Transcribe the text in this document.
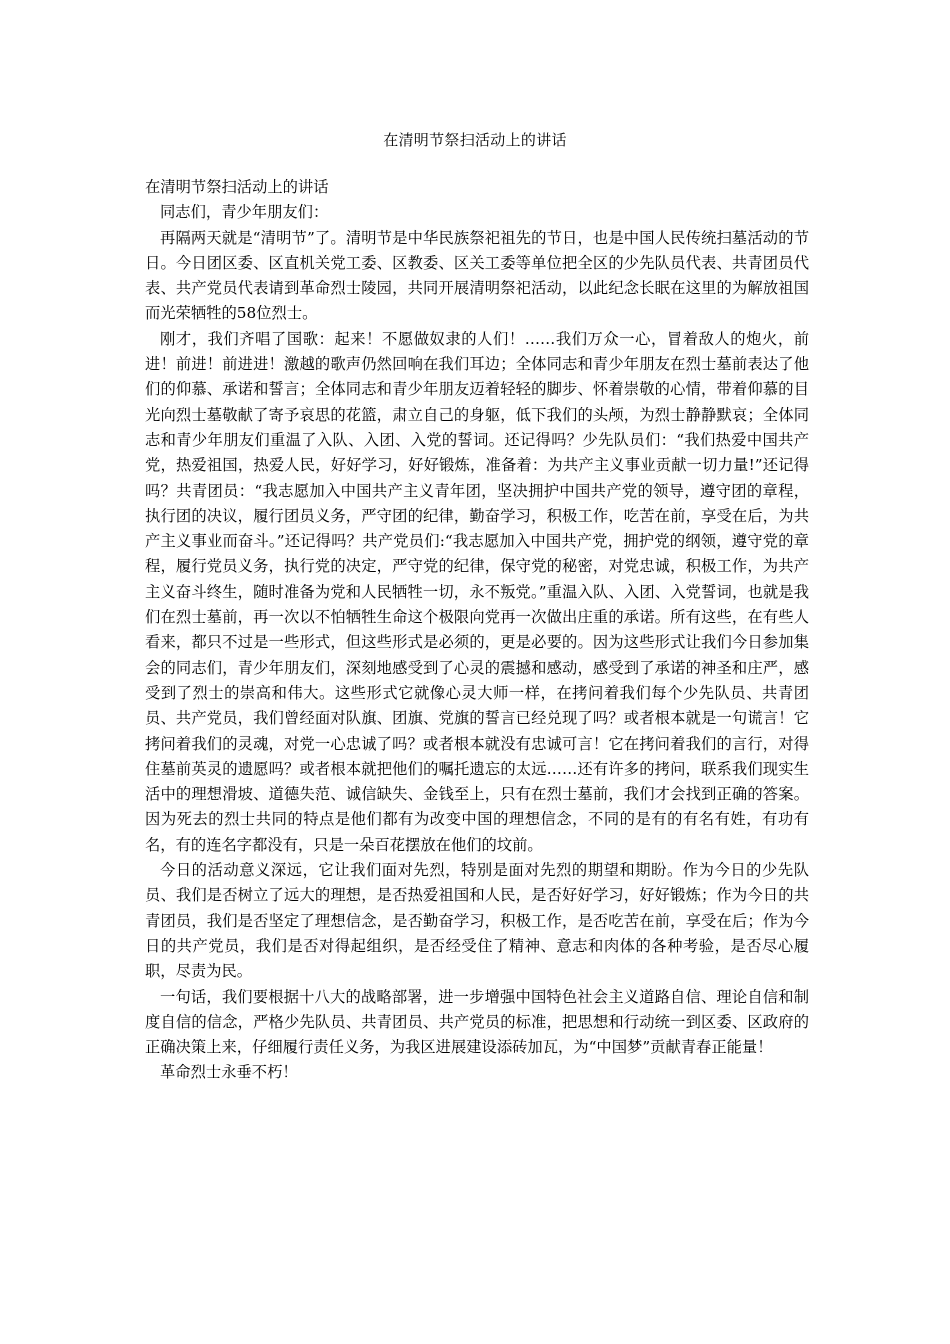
在清明节祭扫活动上的讲话

在清明节祭扫活动上的讲话

同志们，青少年朋友们：

再隔两天就是“清明节”了。清明节是中华民族祭祀祖先的节日，也是中国人民传统扫墓活动的节日。今日团区委、区直机关党工委、区教委、区关工委等单位把全区的少先队员代表、共青团员代表、共产党员代表请到革命烈士陵园，共同开展清明祭祀活动，以此纪念长眠在这里的为解放祖国而光荣牺牲的58位烈士。

刚才，我们齐唱了国歌：起来！不愿做奴隶的人们！……我们万众一心，冒着敌人的炮火，前进！前进！前进进！激越的歌声仍然回响在我们耳边；全体同志和青少年朋友在烈士墓前表达了他们的仰慕、承诺和誓言；全体同志和青少年朋友迈着轻轻的脚步、怀着崇敬的心情，带着仰慕的目光向烈士墓敬献了寄予哀思的花篮，肃立自己的身躯，低下我们的头颅，为烈士静静默哀；全体同志和青少年朋友们重温了入队、入团、入党的誓词。还记得吗？少先队员们：“我们热爱中国共产党，热爱祖国，热爱人民，好好学习，好好锻炼，准备着：为共产主义事业贡献一切力量!”还记得吗？共青团员：“我志愿加入中国共产主义青年团，坚决拥护中国共产党的领导，遵守团的章程，执行团的决议，履行团员义务，严守团的纪律，勤奋学习，积极工作，吃苦在前，享受在后，为共产主义事业而奋斗。”还记得吗？共产党员们:“我志愿加入中国共产党，拥护党的纲领，遵守党的章程，履行党员义务，执行党的决定，严守党的纪律，保守党的秘密，对党忠诚，积极工作，为共产主义奋斗终生，随时准备为党和人民牺牲一切，永不叛党。”重温入队、入团、入党誓词，也就是我们在烈士墓前，再一次以不怕牺牲生命这个极限向党再一次做出庄重的承诺。所有这些，在有些人看来，都只不过是一些形式，但这些形式是必须的，更是必要的。因为这些形式让我们今日参加集会的同志们，青少年朋友们，深刻地感受到了心灵的震撼和感动，感受到了承诺的神圣和庄严，感受到了烈士的崇高和伟大。这些形式它就像心灵大师一样，在拷问着我们每个少先队员、共青团员、共产党员，我们曾经面对队旗、团旗、党旗的誓言已经兑现了吗？或者根本就是一句谎言！它拷问着我们的灵魂，对党一心忠诚了吗？或者根本就没有忠诚可言！它在拷问着我们的言行，对得住墓前英灵的遗愿吗？或者根本就把他们的嘱托遗忘的太远……还有许多的拷问，联系我们现实生活中的理想滑坡、道德失范、诚信缺失、金钱至上，只有在烈士墓前，我们才会找到正确的答案。因为死去的烈士共同的特点是他们都有为改变中国的理想信念，不同的是有的有名有姓，有功有名，有的连名字都没有，只是一朵百花摆放在他们的坟前。

今日的活动意义深远，它让我们面对先烈，特别是面对先烈的期望和期盼。作为今日的少先队员、我们是否树立了远大的理想，是否热爱祖国和人民，是否好好学习，好好锻炼；作为今日的共青团员，我们是否坚定了理想信念，是否勤奋学习，积极工作，是否吃苦在前，享受在后；作为今日的共产党员，我们是否对得起组织，是否经受住了精神、意志和肉体的各种考验，是否尽心履职，尽责为民。

一句话，我们要根据十八大的战略部署，进一步增强中国特色社会主义道路自信、理论自信和制度自信的信念，严格少先队员、共青团员、共产党员的标准，把思想和行动统一到区委、区政府的正确决策上来，仔细履行责任义务，为我区进展建设添砖加瓦，为“中国梦”贡献青春正能量！

革命烈士永垂不朽！
